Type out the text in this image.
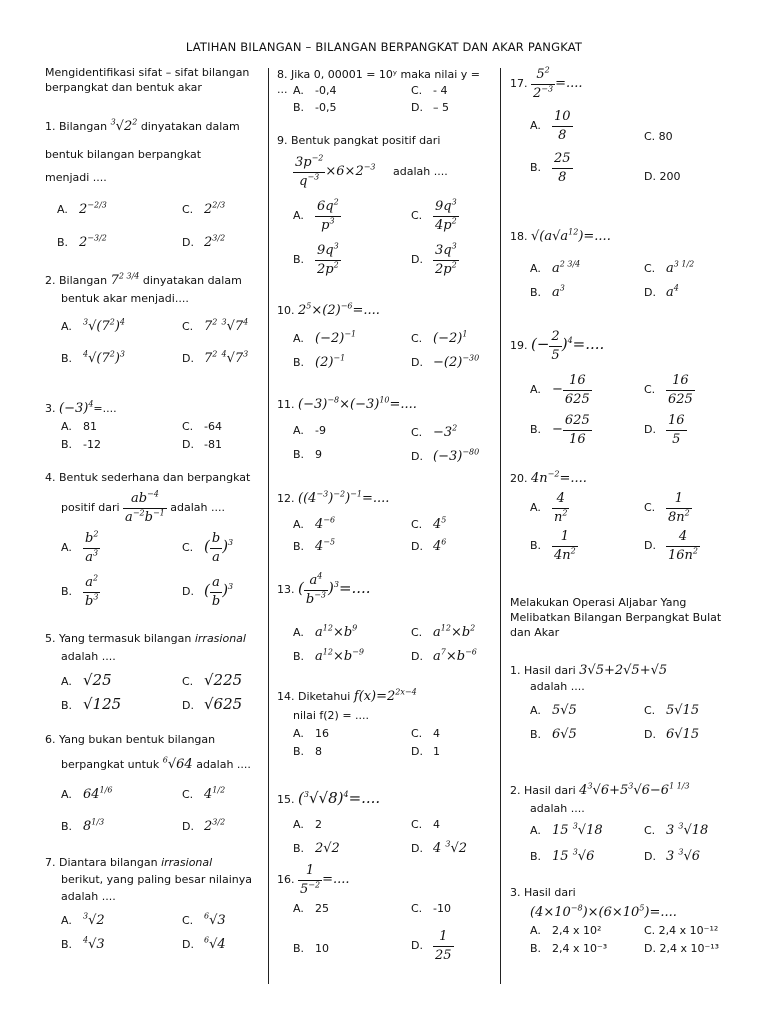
LATIHAN BILANGAN – BILANGAN BERPANGKAT DAN AKAR PANGKAT
Mengidentifikasi sifat – sifat bilangan berpangkat dan bentuk akar
1. Bilangan $^3√2^2$ dinyatakan dalam
bentuk bilangan berpangkat
menjadi ....
A. $2^{-2/3}$	C. $2^{2/3}$
B. $2^{-3/2}$	D. $2^{3/2}$
2. Bilangan $7^{2 3/4}$ dinyatakan dalam
bentuk akar menjadi....
A. $^3√(7^2)^4$	C. $7^2$ $^3√7^4$
B. $^4√(7^2)^3$	D. $7^2$ $^4√7^3$
3. $(-3)^4=$....
A. 81	C. -64
B. -12	D. -81
4. Bentuk sederhana dan berpangkat
positif dari $\frac{ab^{-4}}{a^{-2}b^{-1}}$ adalah ....
A. $\frac{b^2}{a^3}$	C. ( $\frac{b}{a} )^3$
B. $\frac{a^2}{b^3}$	D. ( $\frac{a}{b} )^3$
5. Yang termasuk bilangan irrasional
adalah ....
A. √25	C. √225
B. √125	D. √625
6. Yang bukan bentuk bilangan
berpangkat untuk $^6$√64 adalah ....
A. $64^{1/6}$	C. $4^{1/2}$
B. $8^{1/3}$	D. $2^{3/2}$
7. Diantara bilangan irrasional
berikut, yang paling besar nilainya
adalah ....
A. $^3$√2	C. $^6$√3
B. $^4$√3	D. $^6$√4
8. Jika 0, 00001 = 10ʸ maka nilai y = ... A. -0,4	C. - 4
B. -0,5	D. – 5
9. Bentuk pangkat positif dari
$\frac{3p^{-2}}{q^{-3}} \times 6\times 2^{-3}$ adalah ....
A. $\frac{6q^2}{p^3}$	C. $\frac{9q^3}{4p^2}$
B. $\frac{9q^3}{2p^2}$	D. $\frac{3q^3}{2p^2}$
10. $2^5\times(2)^{-6}=$....
A. $(-2)^{-1}$	C. $(-2)^1$
B. $(2)^{-1}$	D. $-(2)^{-30}$
11. $(-3)^{-8}\times(-3)^{10}=$....
A. -9	C. $-3^2$
B. 9	D. $(-3)^{-80}$
12. $((4^{-3})^{-2})^{-1}=$....
A. $4^{-6}$	C. $4^5$
B. $4^{-5}$	D. $4^6$
13. ( $\frac{a^4}{b^{-3}} )^3=$....
A. $a^{12}\times b^9$	C. $a^{12}\times b^2$
B. $a^{12}\times b^{-9}$	D. $a^7\times b^{-6}$
14. Diketahui $f(x)=2^{2x-4}$
nilai f(2) = ....
A. 16	C. 4
B. 8	D. 1
15. $(^3√√8)^4=$....
A. 2	C. 4
B. 2√2	D. 4 $^3$√2
16. $\frac{1}{5^{-2}}$ =....
A. 25	C. -10
B. 10	D. $\frac{1}{25}$
17. $\frac{5^2}{2^{-3}}$ =....
A. $\frac{10}{8}$	C. 80
B. $\frac{25}{8}$	D. 200
18. $√(a√a^{12})=$....
A. $a^{2 3/4}$	C. $a^{3 1/2}$
B. $a^3$	D. $a^4$
19. (− $\frac{2}{5} )^4=$....
A. − $\frac{16}{625}$	C. $\frac{16}{625}$
B. − $\frac{625}{16}$	D. $\frac{16}{5}$
20. $4n^{-2}=$....
A. $\frac{4}{n^2}$	C. $\frac{1}{8n^2}$
B. $\frac{1}{4n^2}$	D. $\frac{4}{16n^2}$
Melakukan Operasi Aljabar Yang Melibatkan Bilangan Berpangkat Bulat dan Akar
1. Hasil dari 3√5+2√5+√5
adalah ....
A. 5√5	C. 5√15
B. 6√5	D. 6√15
2. Hasil dari $4^3√6+5^3√6-6^{1 1/3}$
adalah ....
A. 15 $^3$√18	C. 3 $^3$√18
B. 15 $^3$√6	D. 3 $^3$√6
3. Hasil dari
$(4\times 10^{-8})\times(6\times 10^5)=$....
A. 2,4 x 10²	C. 2,4 x 10⁻¹²
B. 2,4 x 10⁻³	D. 2,4 x 10⁻¹³
